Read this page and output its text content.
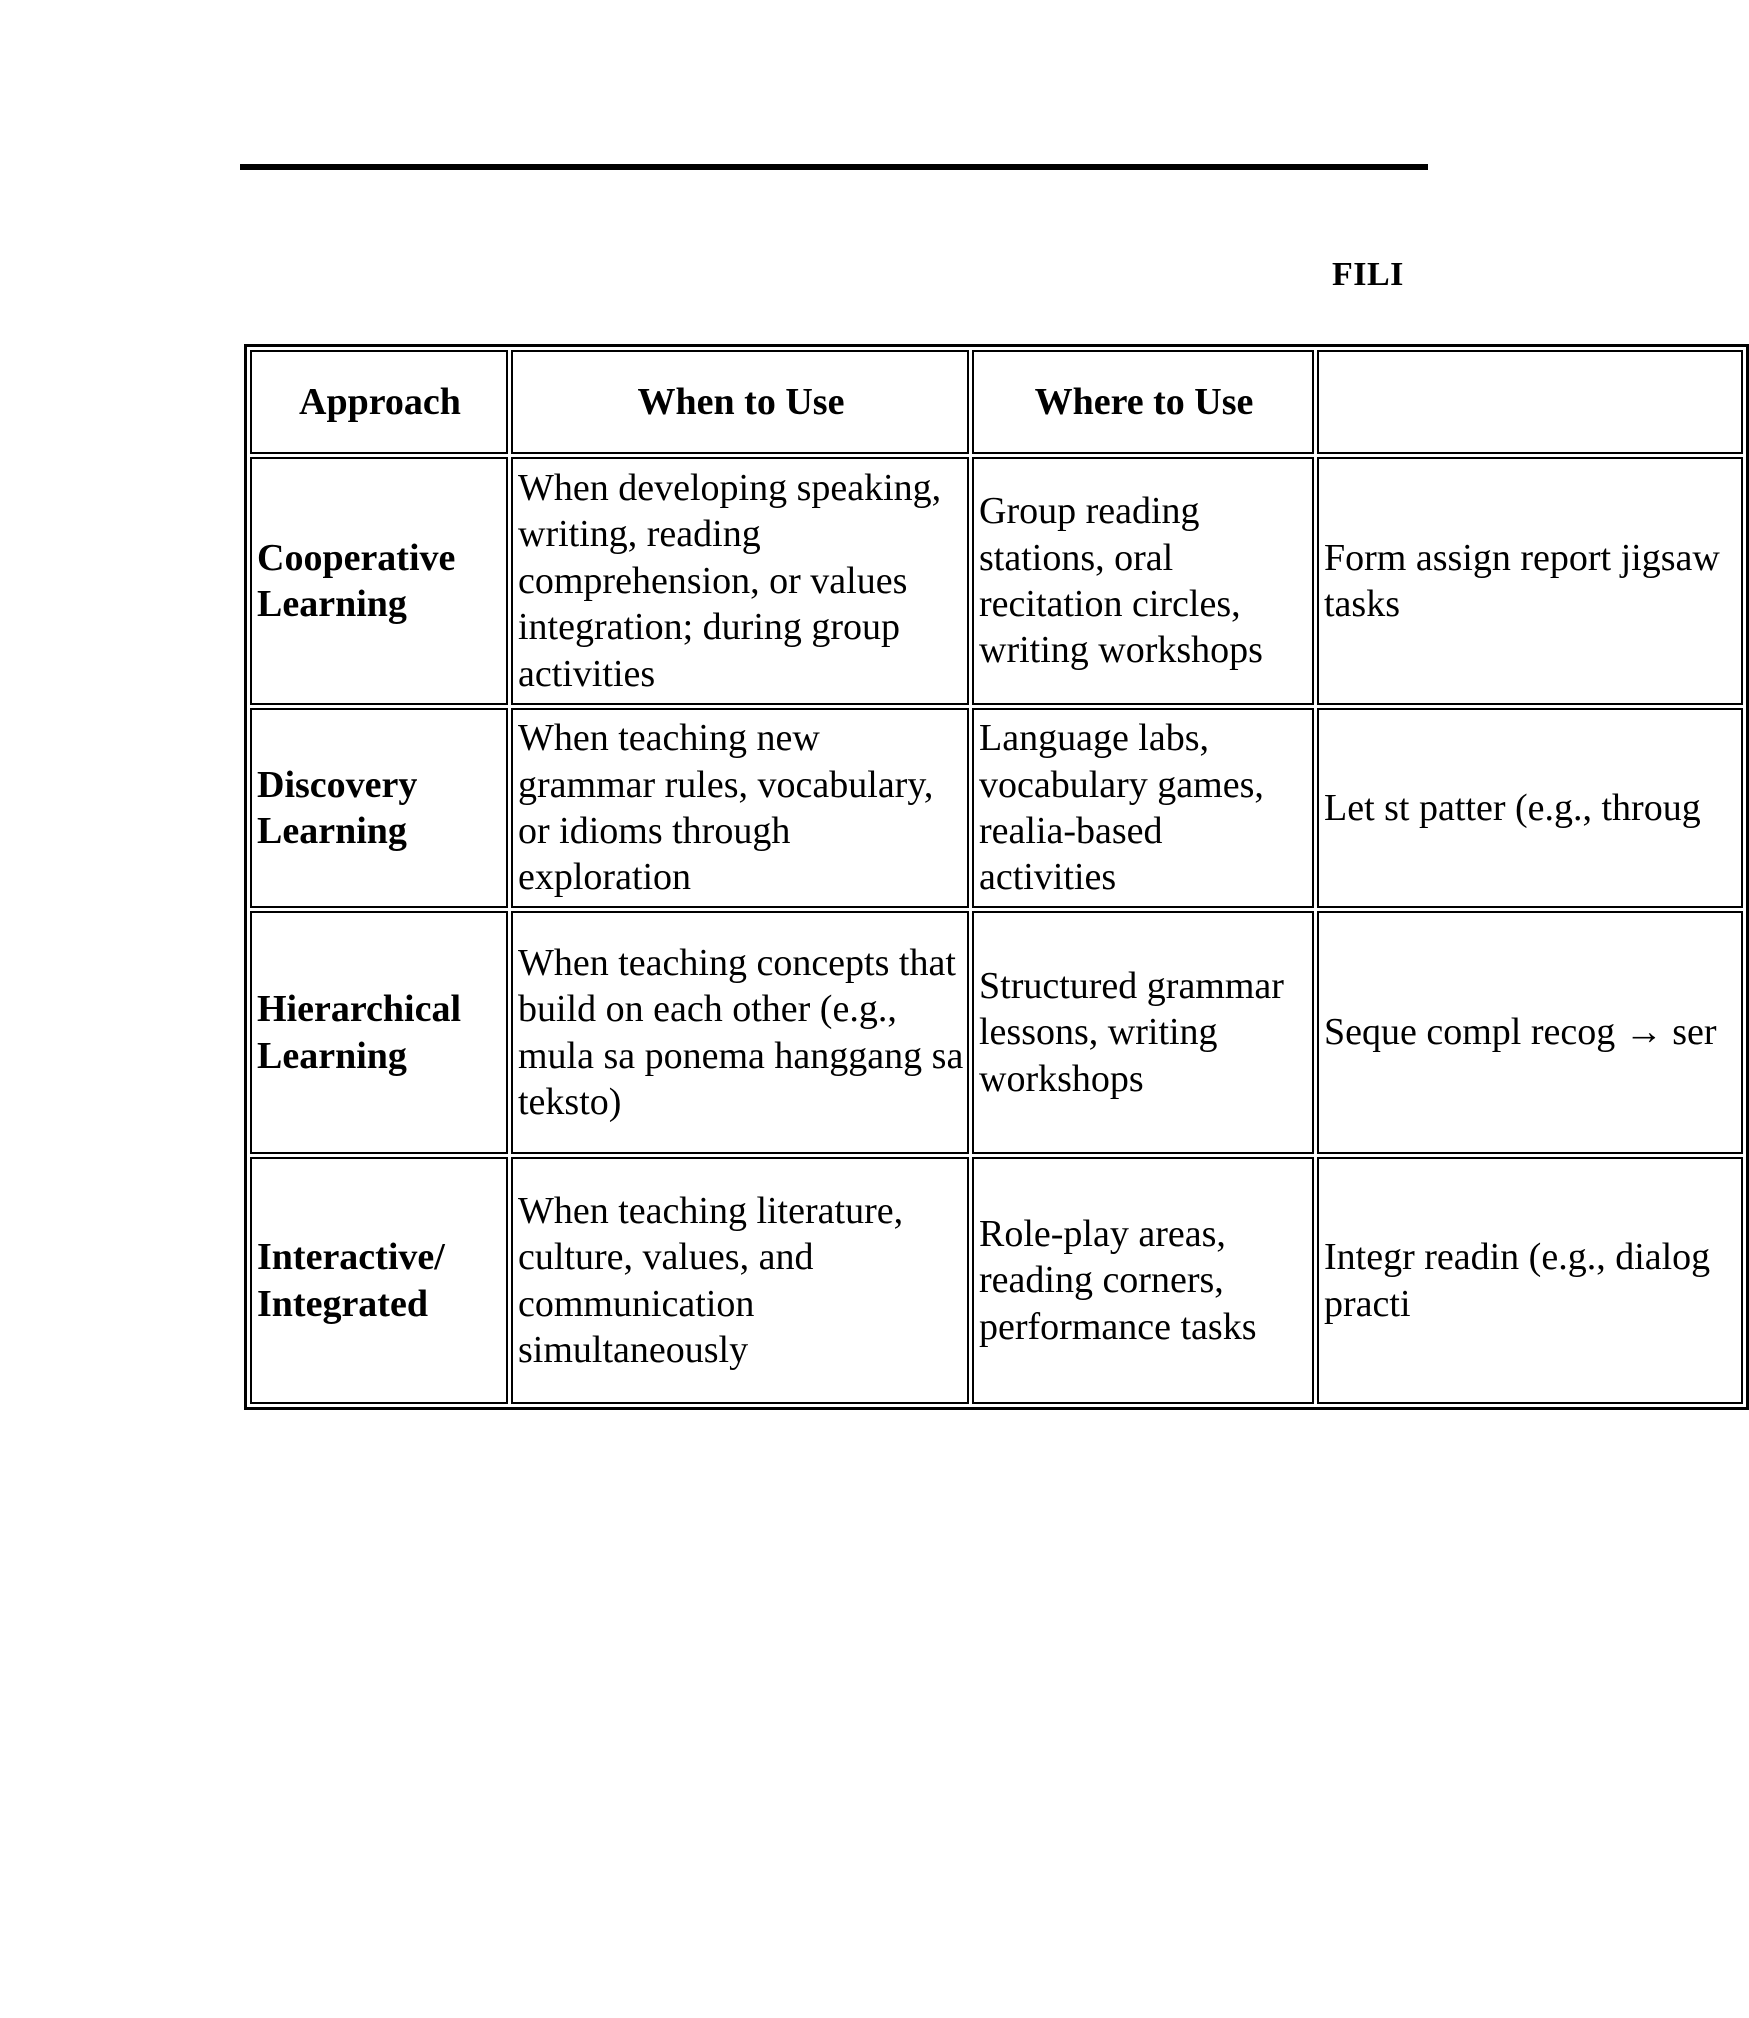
FILI
Approach	When to Use	Where to Use	
Cooperative Learning	When developing speaking, writing, reading comprehension, or values integration; during group activities	Group reading stations, oral recitation circles, writing workshops	Form assign report jigsaw tasks
Discovery Learning	When teaching new grammar rules, vocabulary, or idioms through exploration	Language labs, vocabulary games, realia-based activities	Let st patter (e.g., throug
Hierarchical Learning	When teaching concepts that build on each other (e.g., mula sa ponema hanggang sa teksto)	Structured grammar lessons, writing workshops	Seque compl recog → ser
Interactive/ Integrated	When teaching literature, culture, values, and communication simultaneously	Role-play areas, reading corners, performance tasks	Integr readin (e.g., dialog practi
